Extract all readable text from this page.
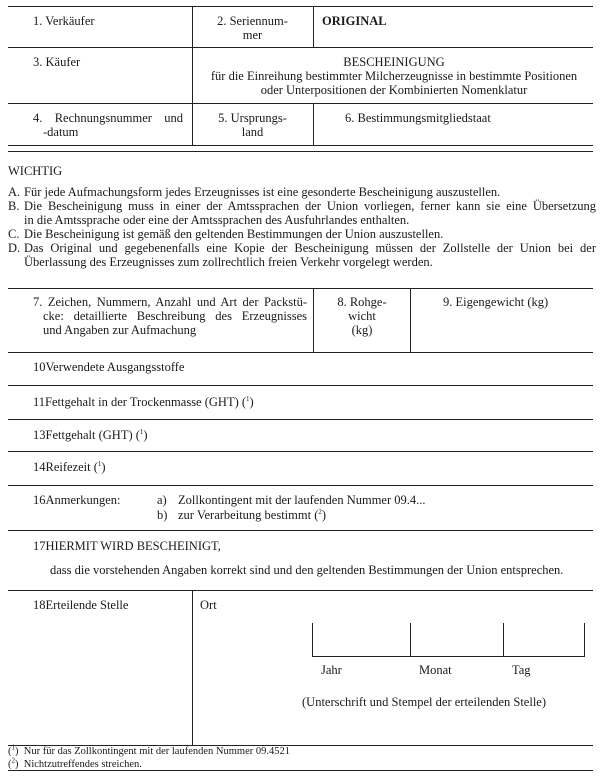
1. Verkäufer	2. Seriennum-
mer
ORIGINAL
3. Käufer	BESCHEINIGUNG
für die Einreihung bestimmter Milcherzeugnisse in bestimmte Positionen
oder Unterpositionen der Kombinierten Nomenklatur
4. Rechnungsnummer und
-datum
5. Ursprungs-
land
6. Bestimmungsmitgliedstaat
WICHTIG
A. Für jede Aufmachungsform jedes Erzeugnisses ist eine gesonderte Bescheinigung auszustellen.
B. Die Bescheinigung muss in einer der Amtssprachen der Union vorliegen, ferner kann sie eine Übersetzung
in die Amtssprache oder eine der Amtssprachen des Ausfuhrlandes enthalten.
C. Die Bescheinigung ist gemäß den geltenden Bestimmungen der Union auszustellen.
D. Das Original und gegebenenfalls eine Kopie der Bescheinigung müssen der Zollstelle der Union bei der
Überlassung des Erzeugnisses zum zollrechtlich freien Verkehr vorgelegt werden.
7. Zeichen, Nummern, Anzahl und Art der Packstü-
cke: detaillierte Beschreibung des Erzeugnisses
und Angaben zur Aufmachung
8. Rohge-
wicht
(kg)
9. Eigengewicht (kg)
10Verwendete Ausgangsstoffe
11Fettgehalt in der Trockenmasse (GHT) ($^1$)
13Fettgehalt (GHT) ($^1$)
14Reifezeit ($^1$)
16Anmerkungen:	a) Zollkontingent mit der laufenden Nummer 09.4...
b) zur Verarbeitung bestimmt ($^2$)
17HIERMIT WIRD BESCHEINIGT,
dass die vorstehenden Angaben korrekt sind und den geltenden Bestimmungen der Union entsprechen.
18Erteilende Stelle	Ort
Jahr	Monat	Tag
(Unterschrift und Stempel der erteilenden Stelle)
($^1$)  Nur für das Zollkontingent mit der laufenden Nummer 09.4521
($^2$)  Nichtzutreffendes streichen.
